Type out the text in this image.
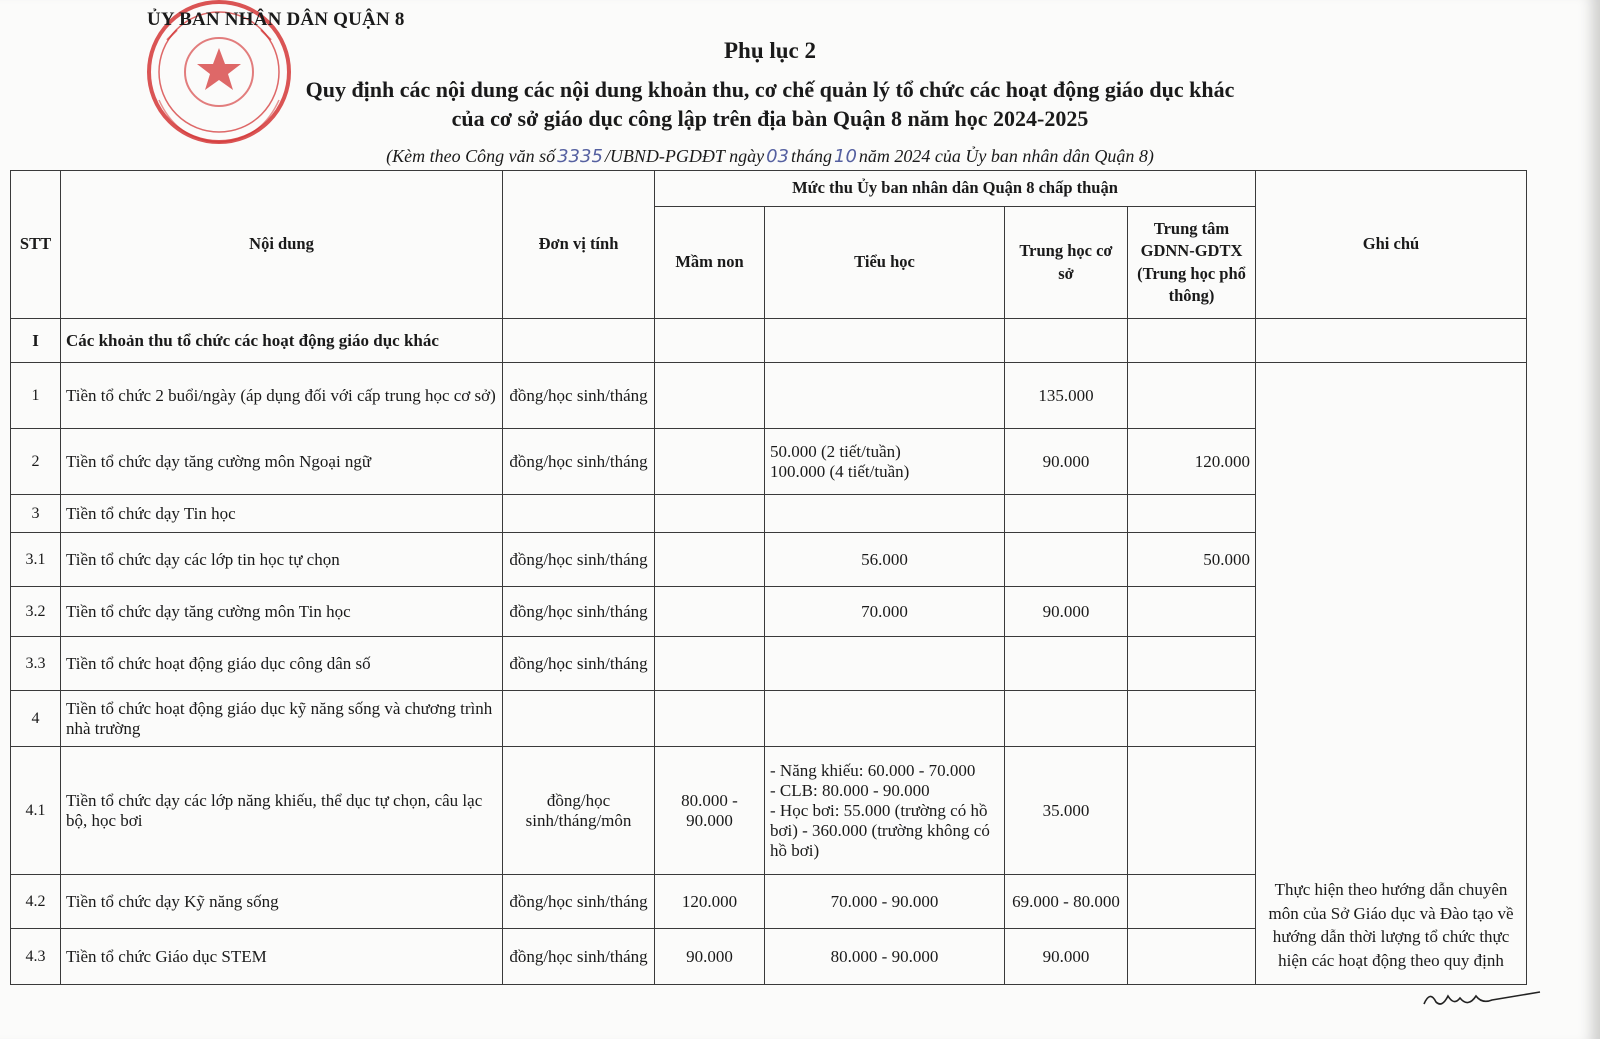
ỦY BAN NHÂN DÂN QUẬN 8
Phụ lục 2
Quy định các nội dung các nội dung khoản thu, cơ chế quản lý tổ chức các hoạt động giáo dục khác
của cơ sở giáo dục công lập trên địa bàn Quận 8 năm học 2024-2025
(Kèm theo Công văn số 3335 /UBND-PGDĐT ngày 03 tháng 10 năm 2024 của Ủy ban nhân dân Quận 8)
STT	Nội dung	Đơn vị tính	Mức thu Ủy ban nhân dân Quận 8 chấp thuận				Ghi chú
			Mầm non	Tiểu học	Trung học cơ sở	Trung tâm GDNN-GDTX (Trung học phổ thông)	
I	Các khoản thu tổ chức các hoạt động giáo dục khác						
1	Tiền tổ chức 2 buổi/ngày (áp dụng đối với cấp trung học cơ sở)	đồng/học sinh/tháng			135.000		Thực hiện theo hướng dẫn chuyên môn của Sở Giáo dục và Đào tạo về hướng dẫn thời lượng tổ chức thực hiện các hoạt động theo quy định
2	Tiền tổ chức dạy tăng cường môn Ngoại ngữ	đồng/học sinh/tháng		50.000 (2 tiết/tuần)
100.000 (4 tiết/tuần)	90.000	120.000	
3	Tiền tổ chức dạy Tin học						
3.1	Tiền tổ chức dạy các lớp tin học tự chọn	đồng/học sinh/tháng		56.000		50.000	
3.2	Tiền tổ chức dạy tăng cường môn Tin học	đồng/học sinh/tháng		70.000	90.000		
3.3	Tiền tổ chức hoạt động giáo dục công dân số	đồng/học sinh/tháng					
4	Tiền tổ chức hoạt động giáo dục kỹ năng sống và chương trình nhà trường						
4.1	Tiền tổ chức dạy các lớp năng khiếu, thể dục tự chọn, câu lạc bộ, học bơi	đồng/học sinh/tháng/môn	80.000 - 90.000	- Năng khiếu: 60.000 - 70.000
- CLB: 80.000 - 90.000
- Học bơi: 55.000 (trường có hồ bơi) - 360.000 (trường không có hồ bơi)	35.000		
4.2	Tiền tổ chức dạy Kỹ năng sống	đồng/học sinh/tháng	120.000	70.000 - 90.000	69.000 - 80.000		
4.3	Tiền tổ chức Giáo dục STEM	đồng/học sinh/tháng	90.000	80.000 - 90.000	90.000		
